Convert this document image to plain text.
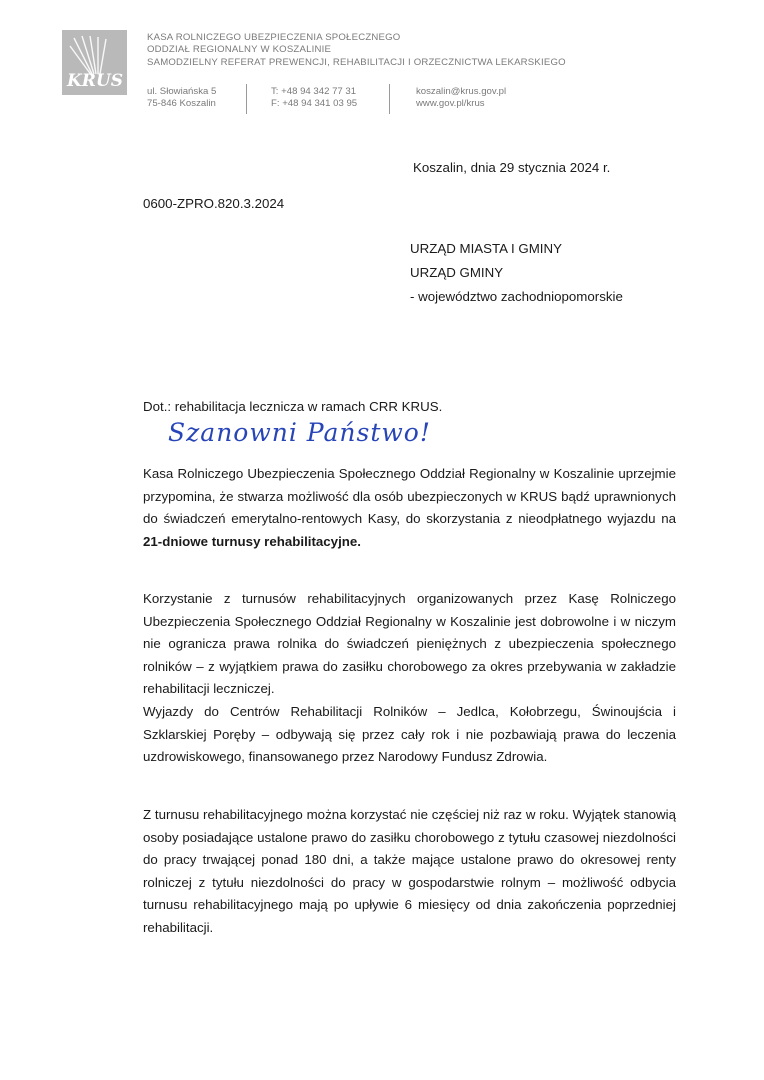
KRUS
KASA ROLNICZEGO UBEZPIECZENIA SPOŁECZNEGO
ODDZIAŁ REGIONALNY W KOSZALINIE
SAMODZIELNY REFERAT PREWENCJI, REHABILITACJI I ORZECZNICTWA LEKARSKIEGO
ul. Słowiańska 5
75-846 Koszalin
T: +48 94 342 77 31
F: +48 94 341 03 95
koszalin@krus.gov.pl
www.gov.pl/krus
Koszalin, dnia 29 stycznia 2024 r.
0600-ZPRO.820.3.2024
URZĄD MIASTA I GMINY
URZĄD GMINY
- województwo zachodniopomorskie
Dot.: rehabilitacja lecznicza w ramach CRR KRUS.
Szanowni Państwo!

Kasa Rolniczego Ubezpieczenia Społecznego Oddział Regionalny w Koszalinie uprzejmie przypomina, że stwarza możliwość dla osób ubezpieczonych w KRUS bądź uprawnionych do świadczeń emerytalno-rentowych Kasy, do skorzystania z nieodpłatnego wyjazdu na 21-dniowe turnusy rehabilitacyjne.

Korzystanie z turnusów rehabilitacyjnych organizowanych przez Kasę Rolniczego Ubezpieczenia Społecznego Oddział Regionalny w Koszalinie jest dobrowolne i w niczym nie ogranicza prawa rolnika do świadczeń pieniężnych z ubezpieczenia społecznego rolników – z wyjątkiem prawa do zasiłku chorobowego za okres przebywania w zakładzie rehabilitacji leczniczej.

Wyjazdy do Centrów Rehabilitacji Rolników – Jedlca, Kołobrzegu, Świnoujścia i Szklarskiej Poręby – odbywają się przez cały rok i nie pozbawiają prawa do leczenia uzdrowiskowego, finansowanego przez Narodowy Fundusz Zdrowia.

Z turnusu rehabilitacyjnego można korzystać nie częściej niż raz w roku. Wyjątek stanowią osoby posiadające ustalone prawo do zasiłku chorobowego z tytułu czasowej niezdolności do pracy trwającej ponad 180 dni, a także mające ustalone prawo do okresowej renty rolniczej z tytułu niezdolności do pracy w gospodarstwie rolnym – możliwość odbycia turnusu rehabilitacyjnego mają po upływie 6 miesięcy od dnia zakończenia poprzedniej rehabilitacji.
